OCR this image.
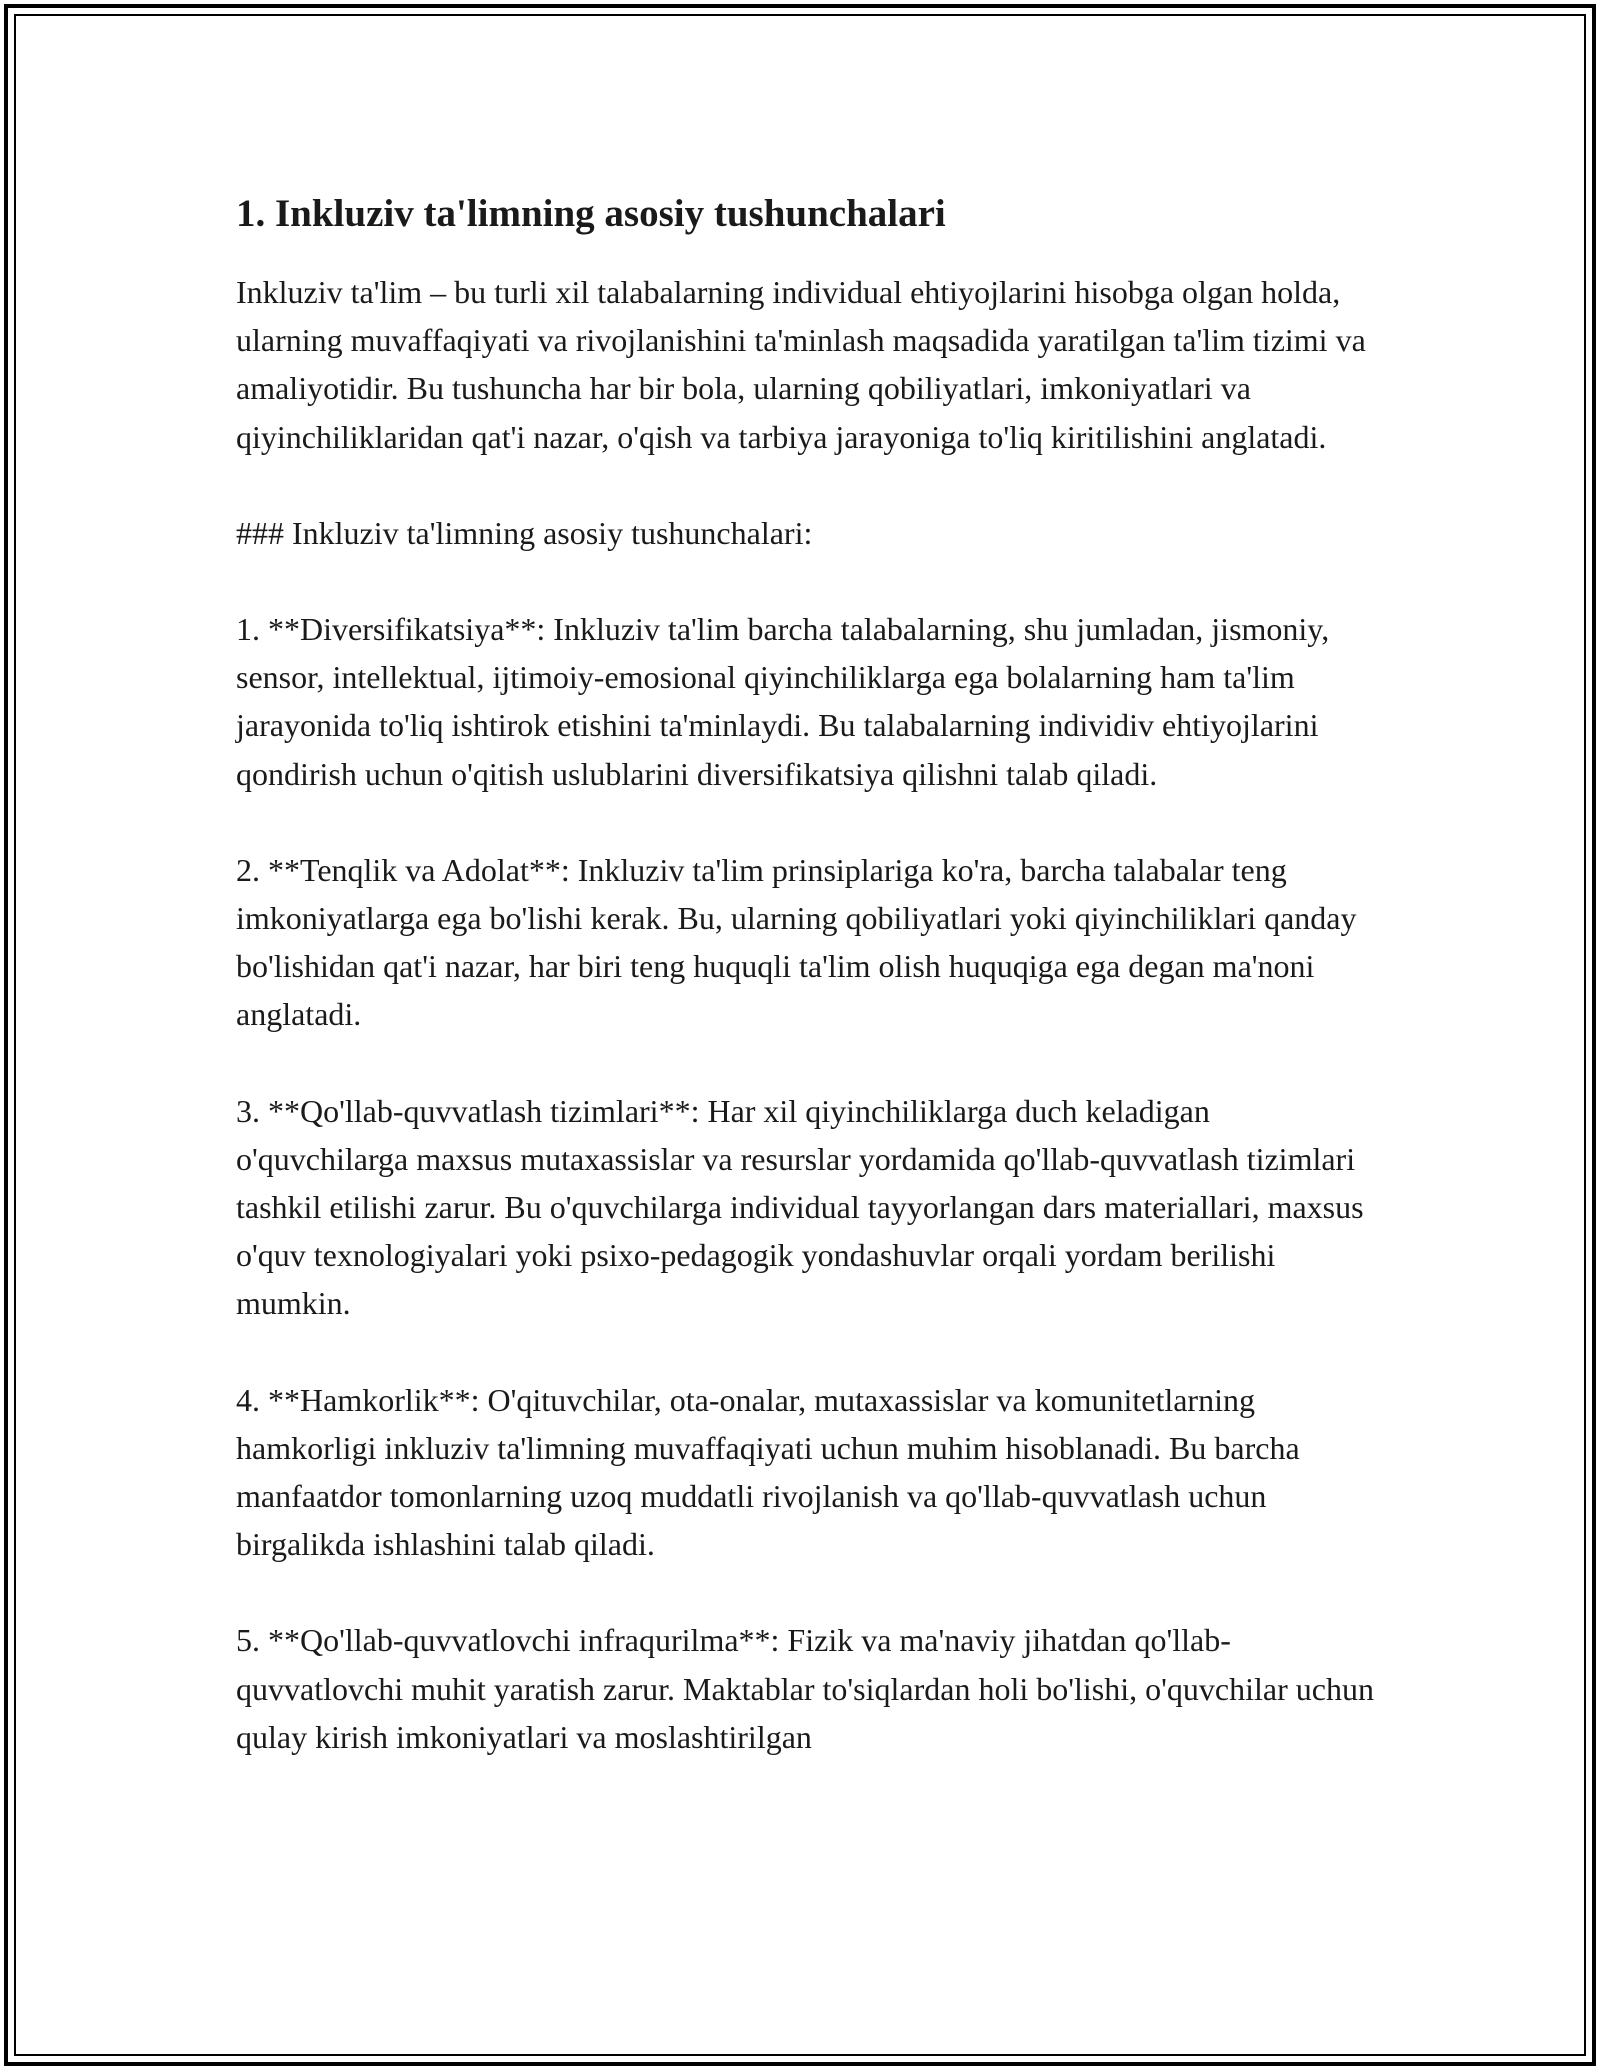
1. Inkluziv ta'limning asosiy tushunchalari

Inkluziv ta'lim – bu turli xil talabalarning individual ehtiyojlarini hisobga olgan holda, ularning muvaffaqiyati va rivojlanishini ta'minlash maqsadida yaratilgan ta'lim tizimi va amaliyotidir. Bu tushuncha har bir bola, ularning qobiliyatlari, imkoniyatlari va qiyinchiliklaridan qat'i nazar, o'qish va tarbiya jarayoniga to'liq kiritilishini anglatadi.

### Inkluziv ta'limning asosiy tushunchalari:

1. **Diversifikatsiya**: Inkluziv ta'lim barcha talabalarning, shu jumladan, jismoniy, sensor, intellektual, ijtimoiy-emosional qiyinchiliklarga ega bolalarning ham ta'lim jarayonida to'liq ishtirok etishini ta'minlaydi. Bu talabalarning individiv ehtiyojlarini qondirish uchun o'qitish uslublarini diversifikatsiya qilishni talab qiladi.

2. **Tenqlik va Adolat**: Inkluziv ta'lim prinsiplariga ko'ra, barcha talabalar teng imkoniyatlarga ega bo'lishi kerak. Bu, ularning qobiliyatlari yoki qiyinchiliklari qanday bo'lishidan qat'i nazar, har biri teng huquqli ta'lim olish huquqiga ega degan ma'noni anglatadi.

3. **Qo'llab-quvvatlash tizimlari**: Har xil qiyinchiliklarga duch keladigan o'quvchilarga maxsus mutaxassislar va resurslar yordamida qo'llab-quvvatlash tizimlari tashkil etilishi zarur. Bu o'quvchilarga individual tayyorlangan dars materiallari, maxsus o'quv texnologiyalari yoki psixo-pedagogik yondashuvlar orqali yordam berilishi mumkin.

4. **Hamkorlik**: O'qituvchilar, ota-onalar, mutaxassislar va komunitetlarning hamkorligi inkluziv ta'limning muvaffaqiyati uchun muhim hisoblanadi. Bu barcha manfaatdor tomonlarning uzoq muddatli rivojlanish va qo'llab-quvvatlash uchun birgalikda ishlashini talab qiladi.

5. **Qo'llab-quvvatlovchi infraqurilma**: Fizik va ma'naviy jihatdan qo'llab-quvvatlovchi muhit yaratish zarur. Maktablar to'siqlardan holi bo'lishi, o'quvchilar uchun qulay kirish imkoniyatlari va moslashtirilgan
